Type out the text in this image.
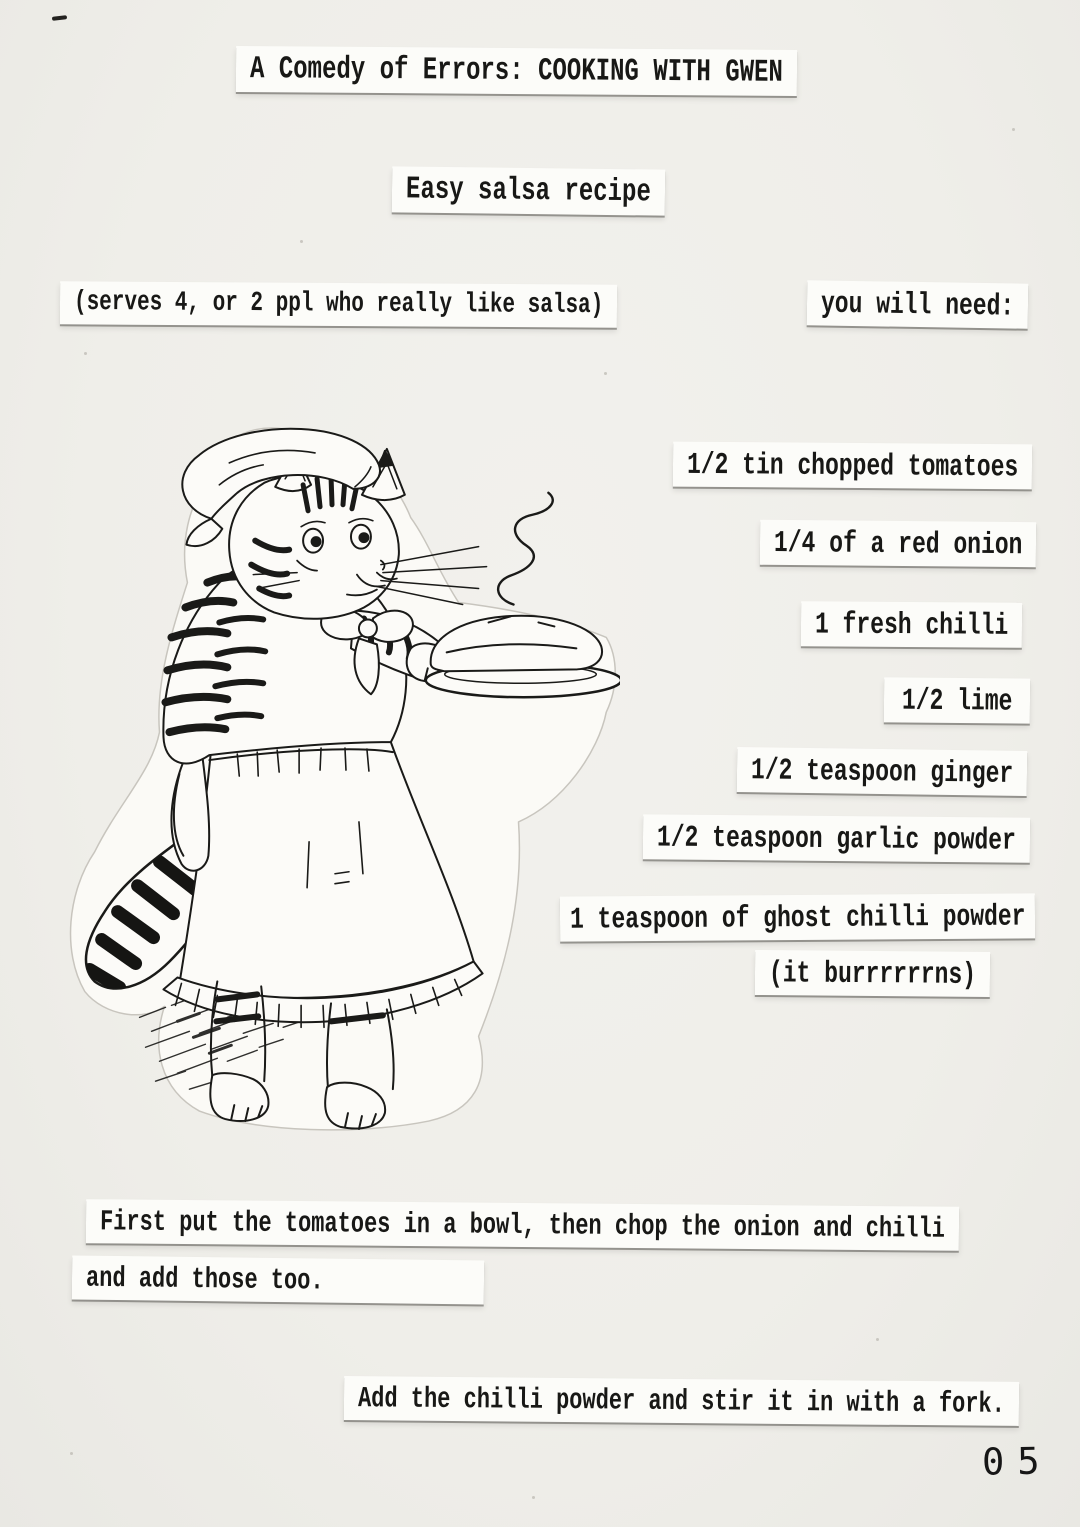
A Comedy of Errors: COOKING WITH GWEN
Easy salsa recipe
(serves 4, or 2 ppl who really like salsa)	you will need:
1/2 tin chopped tomatoes
1/4 of a red onion
1 fresh chilli
1/2 lime
1/2 teaspoon ginger
1/2 teaspoon garlic powder
1 teaspoon of ghost chilli powder
(it burrrrrrns)
First put the tomatoes in a bowl, then chop the onion and chilli
and add those too.
Add the chilli powder and stir it in with a fork.
05
